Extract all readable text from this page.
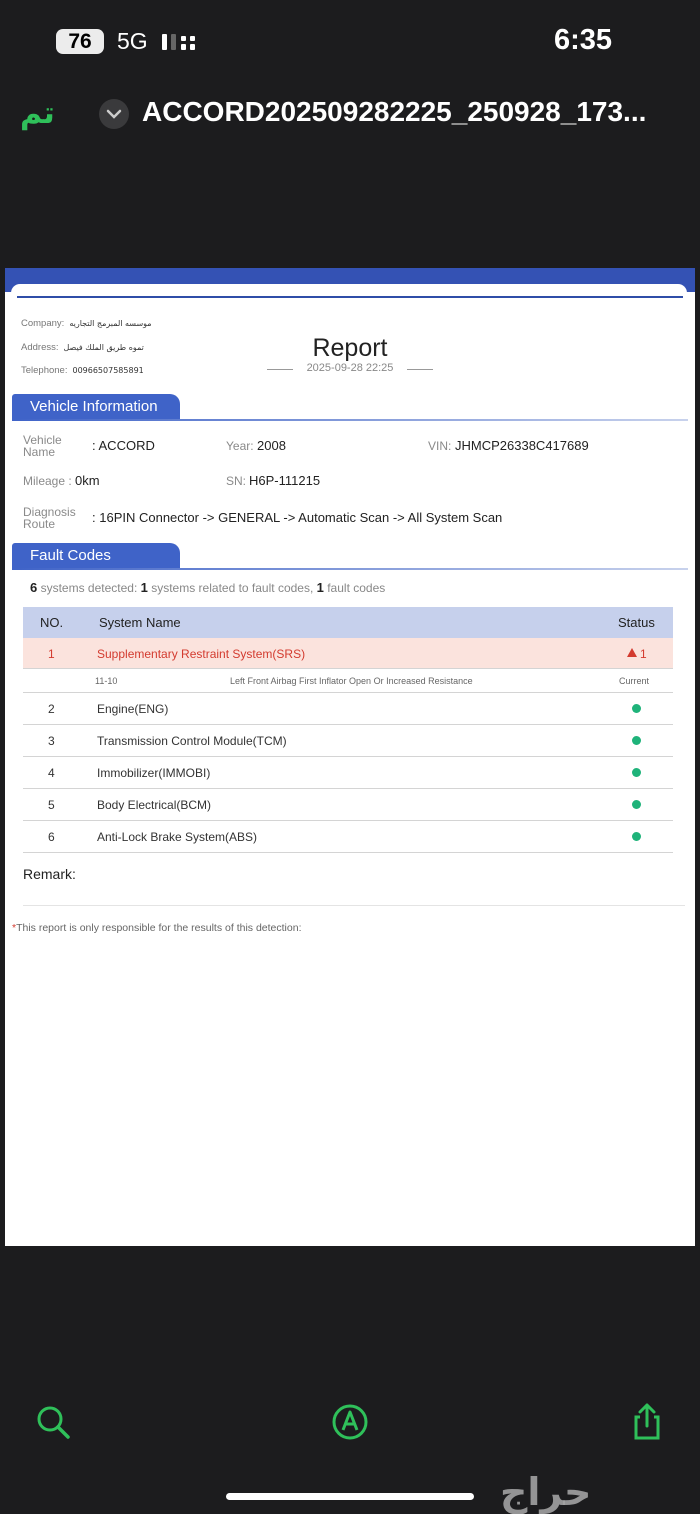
76	5G	6:35
تم	ACCORD202509282225_250928_173...
Company: موسسه المبرمج التجاريه
Address: تموه طريق الملك فيصل
Telephone: 00966507585891
Report
2025-09-28 22:25
Vehicle Information
Vehicle Name	: ACCORD	Year: 2008	VIN: JHMCP26338C417689
Mileage : 0km	SN: H6P-111215
Diagnosis Route	: 16PIN Connector -> GENERAL -> Automatic Scan -> All System Scan
Fault Codes
6 systems detected: 1 systems related to fault codes, 1 fault codes
NO.	System Name	Status
1	Supplementary Restraint System(SRS)	1
11-10	Left Front Airbag First Inflator Open Or Increased Resistance	Current
2	Engine(ENG)
3	Transmission Control Module(TCM)
4	Immobilizer(IMMOBI)
5	Body Electrical(BCM)
6	Anti-Lock Brake System(ABS)
Remark:
*This report is only responsible for the results of this detection:
حراج
